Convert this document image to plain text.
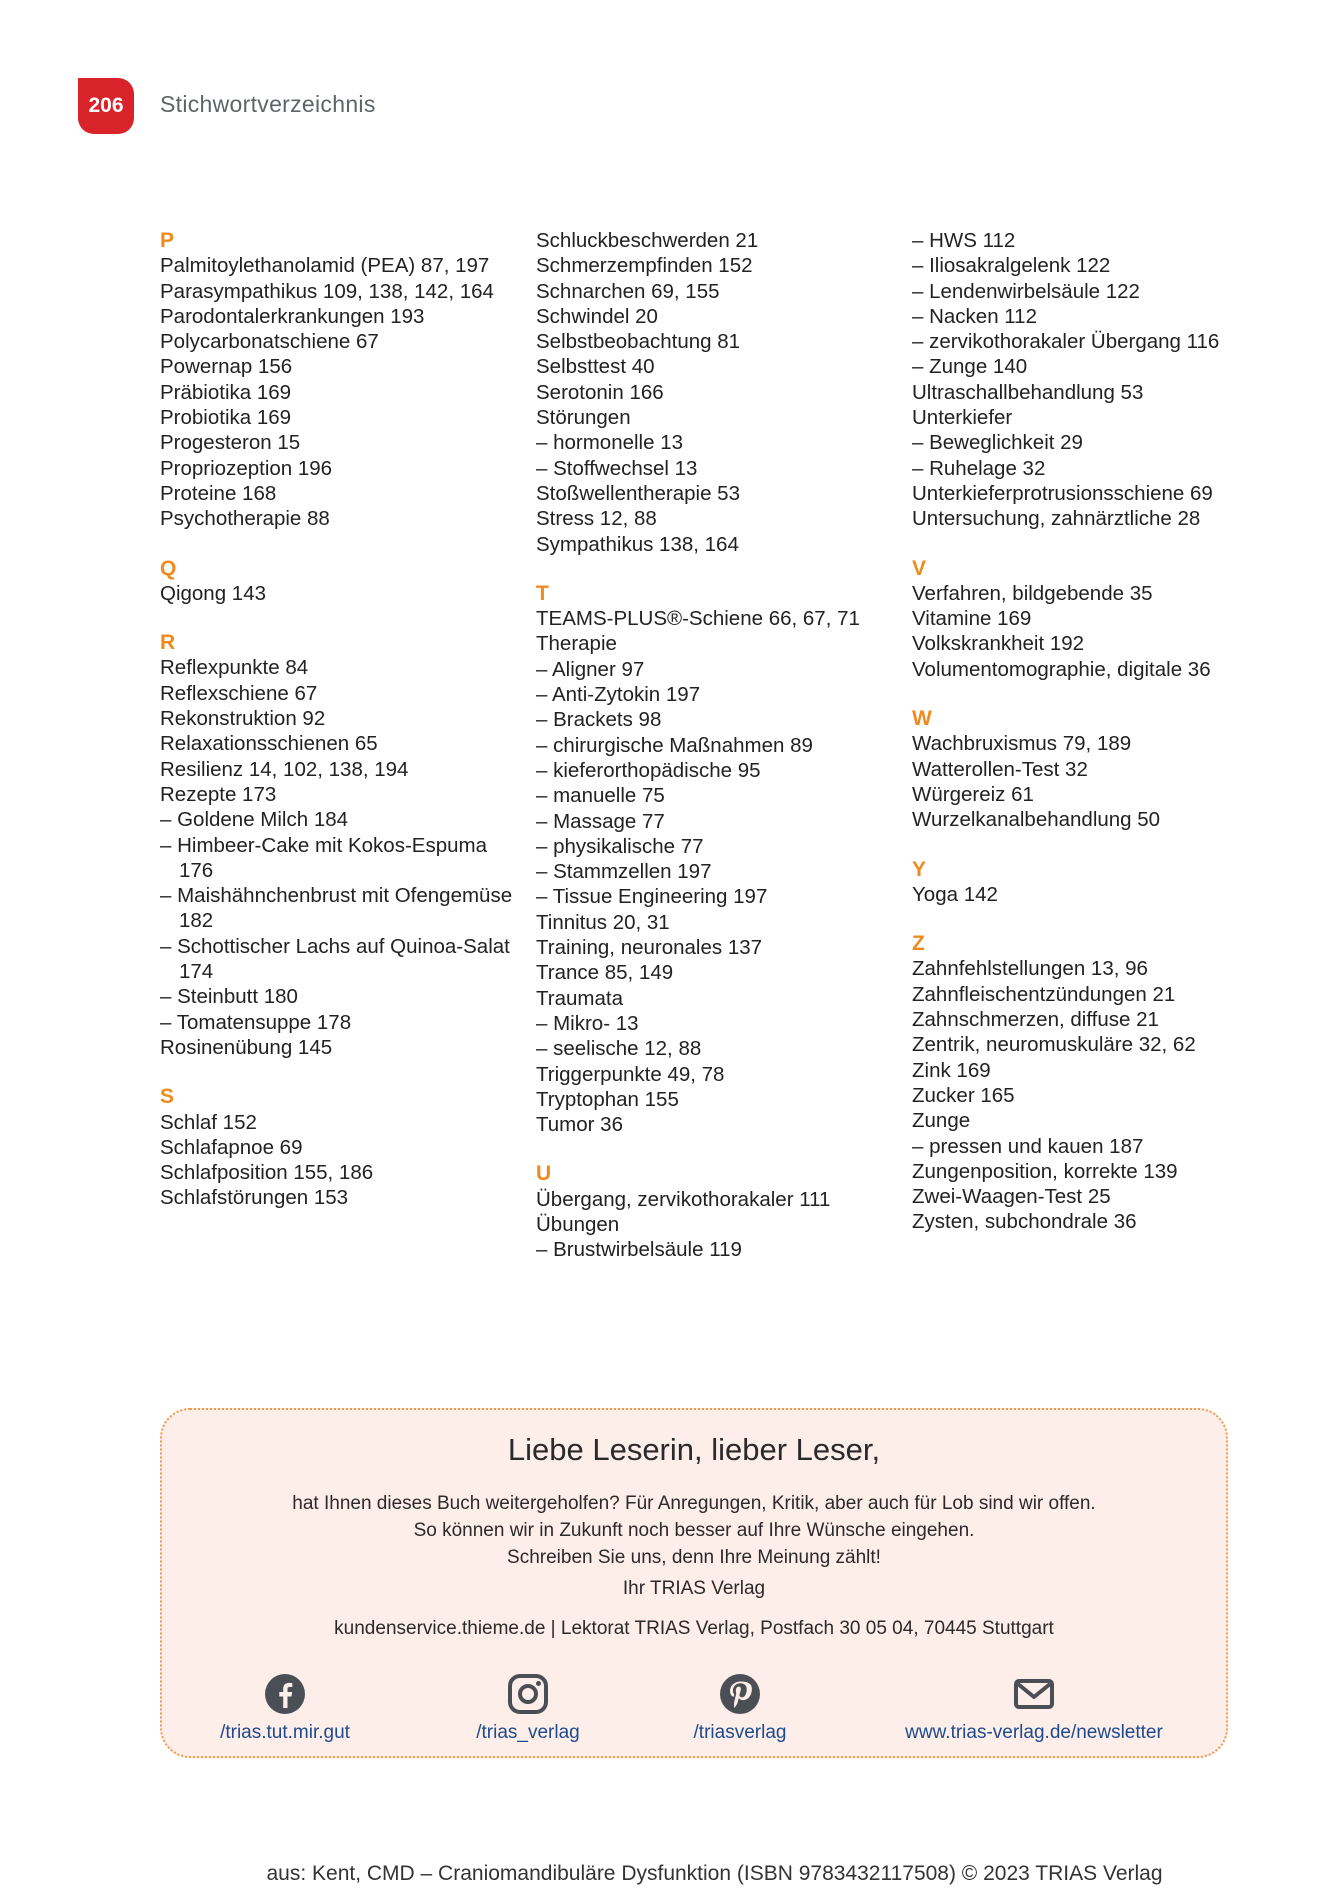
206	Stichwortverzeichnis
P
Palmitoylethanolamid (PEA) 87, 197
Parasympathikus 109, 138, 142, 164
Parodontalerkrankungen 193
Polycarbonatschiene 67
Powernap 156
Präbiotika 169
Probiotika 169
Progesteron 15
Propriozeption 196
Proteine 168
Psychotherapie 88
Q
Qigong 143
R
Reflexpunkte 84
Reflexschiene 67
Rekonstruktion 92
Relaxationsschienen 65
Resilienz 14, 102, 138, 194
Rezepte 173
– Goldene Milch 184
– Himbeer-Cake mit Kokos-Espuma 176
– Maishähnchenbrust mit Ofengemüse 182
– Schottischer Lachs auf Quinoa-Salat 174
– Steinbutt 180
– Tomatensuppe 178
Rosinenübung 145
S
Schlaf 152
Schlafapnoe 69
Schlafposition 155, 186
Schlafstörungen 153
Schluckbeschwerden 21
Schmerzempfinden 152
Schnarchen 69, 155
Schwindel 20
Selbstbeobachtung 81
Selbsttest 40
Serotonin 166
Störungen
– hormonelle 13
– Stoffwechsel 13
Stoßwellentherapie 53
Stress 12, 88
Sympathikus 138, 164
T
TEAMS-PLUS®-Schiene 66, 67, 71
Therapie
– Aligner 97
– Anti-Zytokin 197
– Brackets 98
– chirurgische Maßnahmen 89
– kieferorthopädische 95
– manuelle 75
– Massage 77
– physikalische 77
– Stammzellen 197
– Tissue Engineering 197
Tinnitus 20, 31
Training, neuronales 137
Trance 85, 149
Traumata
– Mikro- 13
– seelische 12, 88
Triggerpunkte 49, 78
Tryptophan 155
Tumor 36
U
Übergang, zervikothorakaler 111
Übungen
– Brustwirbelsäule 119
– HWS 112
– Iliosakralgelenk 122
– Lendenwirbelsäule 122
– Nacken 112
– zervikothorakaler Übergang 116
– Zunge 140
Ultraschallbehandlung 53
Unterkiefer
– Beweglichkeit 29
– Ruhelage 32
Unterkieferprotrusionsschiene 69
Untersuchung, zahnärztliche 28
V
Verfahren, bildgebende 35
Vitamine 169
Volkskrankheit 192
Volumentomographie, digitale 36
W
Wachbruxismus 79, 189
Watterollen-Test 32
Würgereiz 61
Wurzelkanalbehandlung 50
Y
Yoga 142
Z
Zahnfehlstellungen 13, 96
Zahnfleischentzündungen 21
Zahnschmerzen, diffuse 21
Zentrik, neuromuskuläre 32, 62
Zink 169
Zucker 165
Zunge
– pressen und kauen 187
Zungenposition, korrekte 139
Zwei-Waagen-Test 25
Zysten, subchondrale 36
Liebe Leserin, lieber Leser,
hat Ihnen dieses Buch weitergeholfen? Für Anregungen, Kritik, aber auch für Lob sind wir offen.
So können wir in Zukunft noch besser auf Ihre Wünsche eingehen.
Schreiben Sie uns, denn Ihre Meinung zählt!
Ihr TRIAS Verlag
kundenservice.thieme.de | Lektorat TRIAS Verlag, Postfach 30 05 04, 70445 Stuttgart
/trias.tut.mir.gut	/trias_verlag	/triasverlag	www.trias-verlag.de/newsletter
aus: Kent, CMD – Craniomandibuläre Dysfunktion (ISBN 9783432117508) © 2023 TRIAS Verlag
